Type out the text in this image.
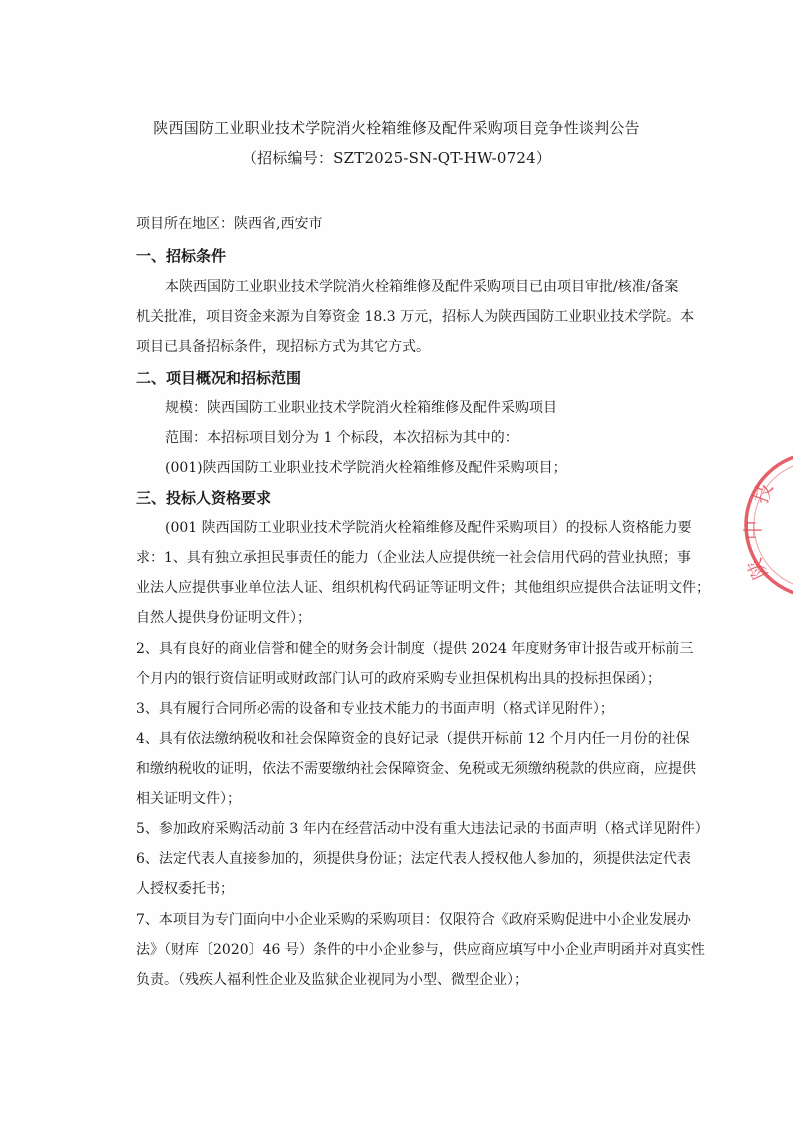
陕西国防工业职业技术学院消火栓箱维修及配件采购项目竞争性谈判公告
（招标编号：SZT2025-SN-QT-HW-0724）
项目所在地区：陕西省,西安市
一、招标条件
本陕西国防工业职业技术学院消火栓箱维修及配件采购项目已由项目审批/核准/备案
机关批准，项目资金来源为自筹资金 18.3 万元，招标人为陕西国防工业职业技术学院。本
项目已具备招标条件，现招标方式为其它方式。
二、项目概况和招标范围
规模：陕西国防工业职业技术学院消火栓箱维修及配件采购项目
范围：本招标项目划分为 1 个标段，本次招标为其中的：
(001)陕西国防工业职业技术学院消火栓箱维修及配件采购项目；
三、投标人资格要求
(001 陕西国防工业职业技术学院消火栓箱维修及配件采购项目）的投标人资格能力要
求：1、具有独立承担民事责任的能力（企业法人应提供统一社会信用代码的营业执照；事
业法人应提供事业单位法人证、组织机构代码证等证明文件；其他组织应提供合法证明文件；
自然人提供身份证明文件）；
2、具有良好的商业信誉和健全的财务会计制度（提供 2024 年度财务审计报告或开标前三
个月内的银行资信证明或财政部门认可的政府采购专业担保机构出具的投标担保函）；
3、具有履行合同所必需的设备和专业技术能力的书面声明（格式详见附件）；
4、具有依法缴纳税收和社会保障资金的良好记录（提供开标前 12 个月内任一月份的社保
和缴纳税收的证明，依法不需要缴纳社会保障资金、免税或无须缴纳税款的供应商，应提供
相关证明文件）；
5、参加政府采购活动前 3 年内在经营活动中没有重大违法记录的书面声明（格式详见附件）
6、法定代表人直接参加的，须提供身份证；法定代表人授权他人参加的，须提供法定代表
人授权委托书；
7、本项目为专门面向中小企业采购的采购项目：仅限符合《政府采购促进中小企业发展办
法》（财库〔2020〕46 号）条件的中小企业参与，供应商应填写中小企业声明函并对真实性
负责。（残疾人福利性企业及监狱企业视同为小型、微型企业）；
技
中
陕
